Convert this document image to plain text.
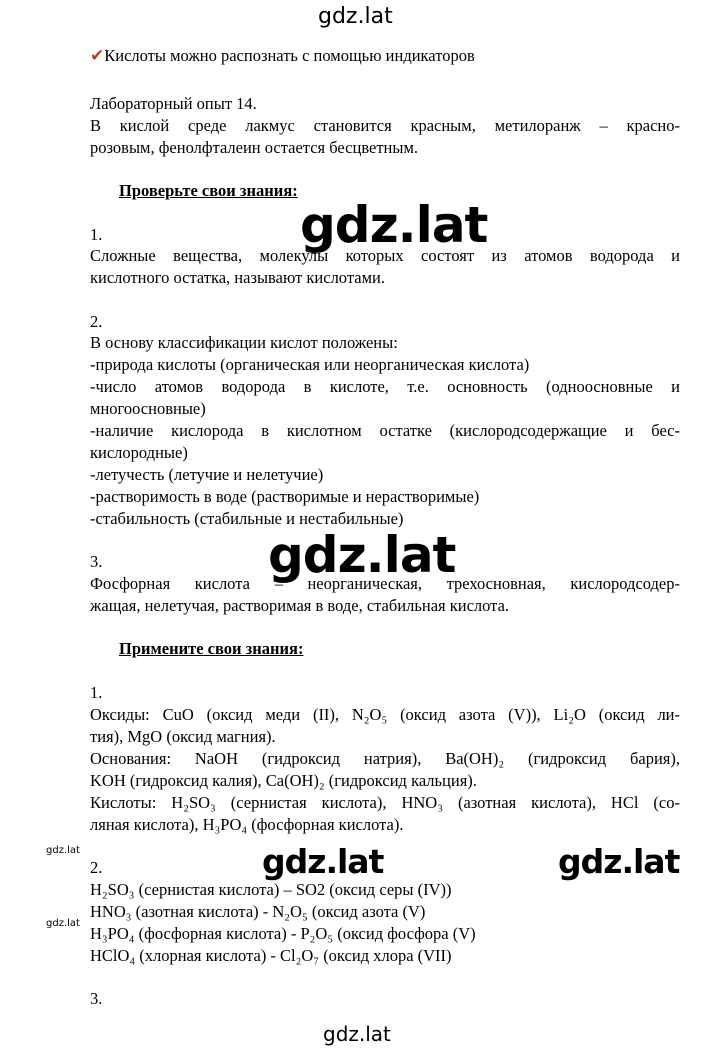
gdz.lat
✔Кислоты можно распознать с помощью индикаторов
Лабораторный опыт 14.
В кислой среде лакмус становится красным, метилоранж – красно-
розовым, фенолфталеин остается бесцветным.
Проверьте свои знания:
1.
Сложные вещества, молекулы которых состоят из атомов водорода и
кислотного остатка, называют кислотами.
2.
В основу классификации кислот положены:
-природа кислоты (органическая или неорганическая кислота)
-число атомов водорода в кислоте, т.е. основность (одноосновные и
многоосновные)
-наличие кислорода в кислотном остатке (кислородсодержащие и бес-
кислородные)
-летучесть (летучие и нелетучие)
-растворимость в воде (растворимые и нерастворимые)
-стабильность (стабильные и нестабильные)
3.
Фосфорная кислота – неорганическая, трехосновная, кислородсодер-
жащая, нелетучая, растворимая в воде, стабильная кислота.
Примените свои знания:
1.
Оксиды: CuO (оксид меди (II), N₂O₅ (оксид азота (V)), Li₂O (оксид ли-
тия), MgO (оксид магния).
Основания: NaOH (гидроксид натрия), Ba(OH)₂ (гидроксид бария),
KOH (гидроксид калия), Ca(OH)₂ (гидроксид кальция).
Кислоты: H₂SO₃ (сернистая кислота), HNO₃ (азотная кислота), HCl (со-
ляная кислота), H₃PO₄ (фосфорная кислота).
2.
H₂SO₃ (сернистая кислота) – SO2 (оксид серы (IV))
HNO₃ (азотная кислота) - N₂O₅ (оксид азота (V)
H₃PO₄ (фосфорная кислота) - P₂O₅ (оксид фосфора (V)
HClO₄ (хлорная кислота) - Cl₂O₇ (оксид хлора (VII)
3.
gdz.lat
gdz.lat
gdz.lat	gdz.lat
gdz.lat
gdz.lat
gdz.lat
